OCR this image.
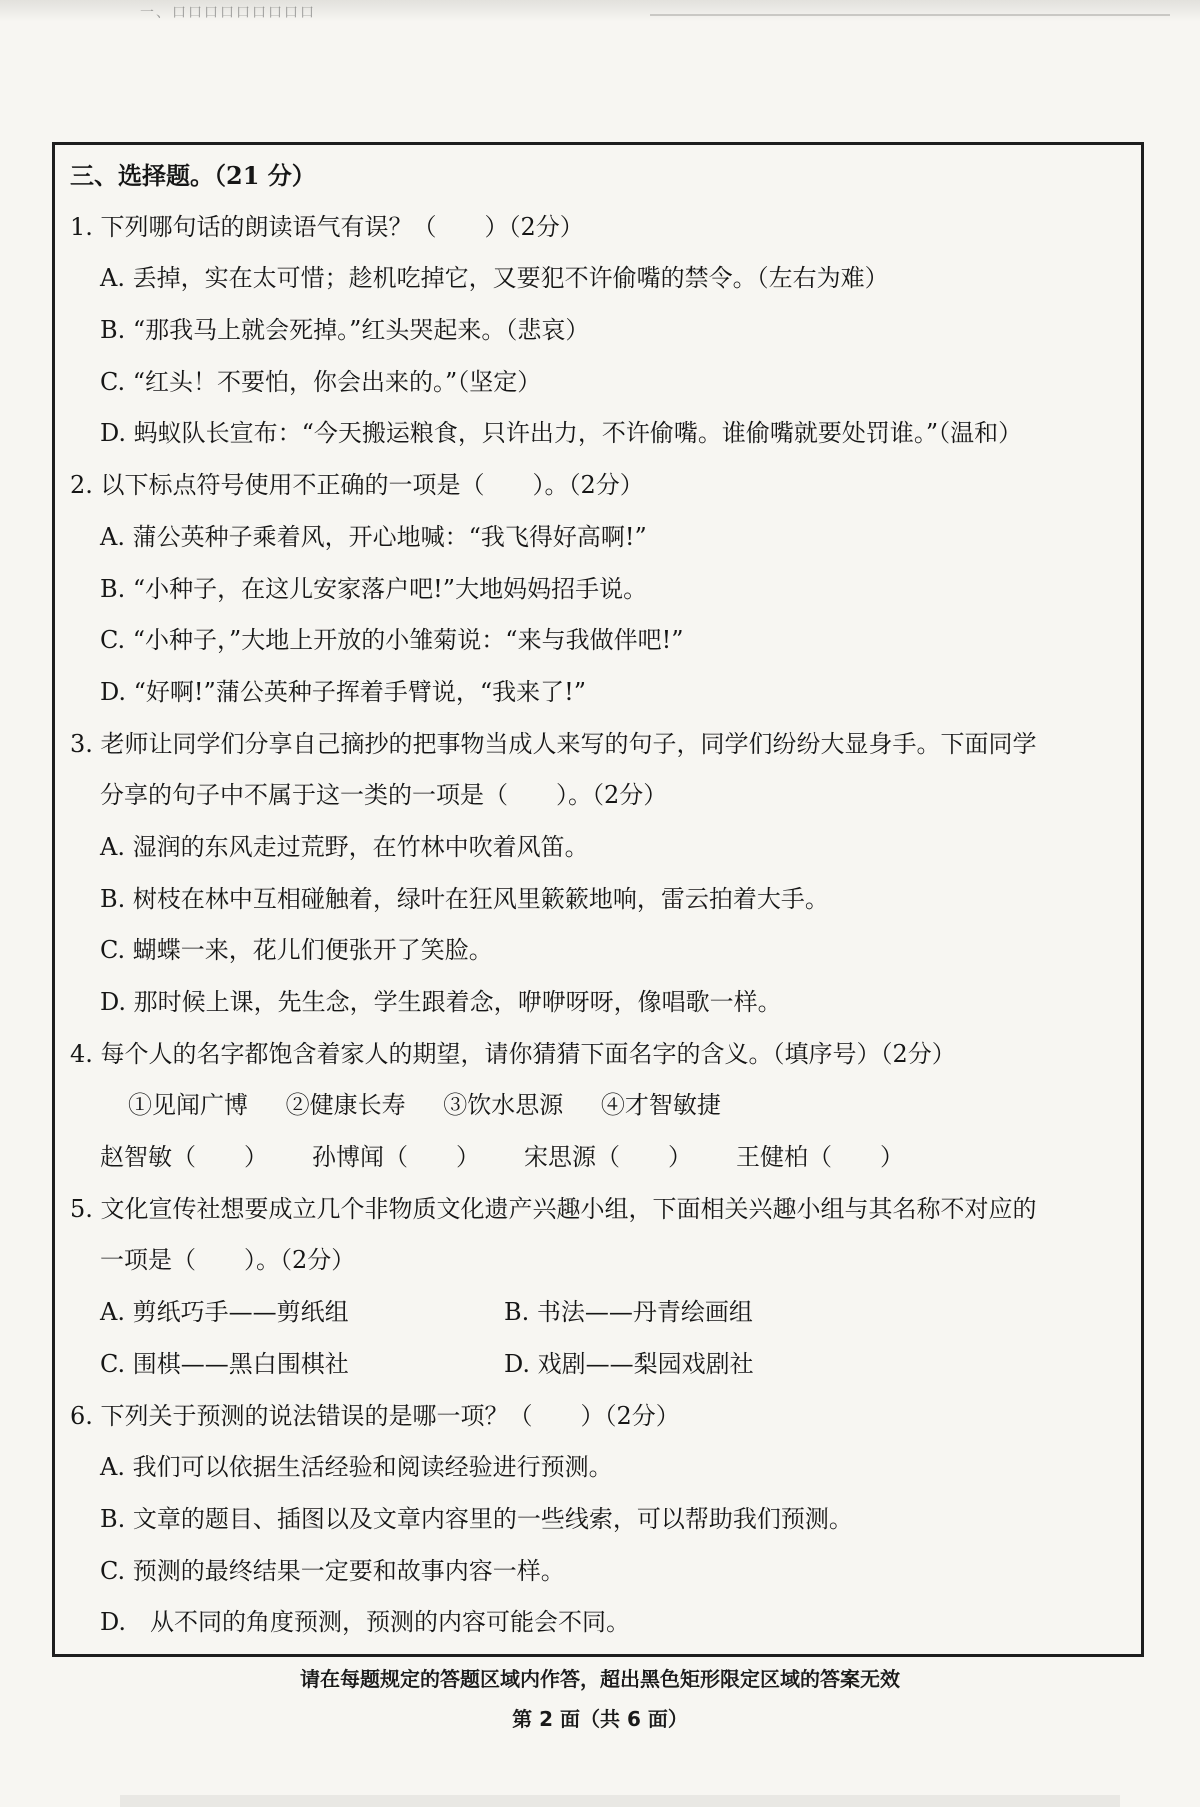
一、口口口口口口口口口
三、选择题。（21 分）
1. 下列哪句话的朗读语气有误？（　　）（2分）
A. 丢掉，实在太可惜；趁机吃掉它，又要犯不许偷嘴的禁令。（左右为难）
B. “那我马上就会死掉。”红头哭起来。（悲哀）
C. “红头！不要怕，你会出来的。”（坚定）
D. 蚂蚁队长宣布：“今天搬运粮食，只许出力，不许偷嘴。谁偷嘴就要处罚谁。”（温和）
2. 以下标点符号使用不正确的一项是（　　）。（2分）
A. 蒲公英种子乘着风，开心地喊：“我飞得好高啊!”
B. “小种子，在这儿安家落户吧!”大地妈妈招手说。
C. “小种子，”大地上开放的小雏菊说：“来与我做伴吧!”
D. “好啊!”蒲公英种子挥着手臂说，“我来了!”
3. 老师让同学们分享自己摘抄的把事物当成人来写的句子，同学们纷纷大显身手。下面同学
分享的句子中不属于这一类的一项是（　　）。（2分）
A. 湿润的东风走过荒野，在竹林中吹着风笛。
B. 树枝在林中互相碰触着，绿叶在狂风里簌簌地响，雷云拍着大手。
C. 蝴蝶一来，花儿们便张开了笑脸。
D. 那时候上课，先生念，学生跟着念，咿咿呀呀，像唱歌一样。
4. 每个人的名字都饱含着家人的期望，请你猜猜下面名字的含义。（填序号）（2分）
①见闻广博 ②健康长寿 ③饮水思源 ④才智敏捷
赵智敏（　　）	孙博闻（　　）	宋思源（　　）	王健柏（　　）
5. 文化宣传社想要成立几个非物质文化遗产兴趣小组，下面相关兴趣小组与其名称不对应的
一项是（　　）。（2分）
A. 剪纸巧手——剪纸组	B. 书法——丹青绘画组
C. 围棋——黑白围棋社	D. 戏剧——梨园戏剧社
6. 下列关于预测的说法错误的是哪一项？（　　）（2分）
A. 我们可以依据生活经验和阅读经验进行预测。
B. 文章的题目、插图以及文章内容里的一些线索，可以帮助我们预测。
C. 预测的最终结果一定要和故事内容一样。
D.　从不同的角度预测，预测的内容可能会不同。
请在每题规定的答题区域内作答，超出黑色矩形限定区域的答案无效
第 2 面（共 6 面）
